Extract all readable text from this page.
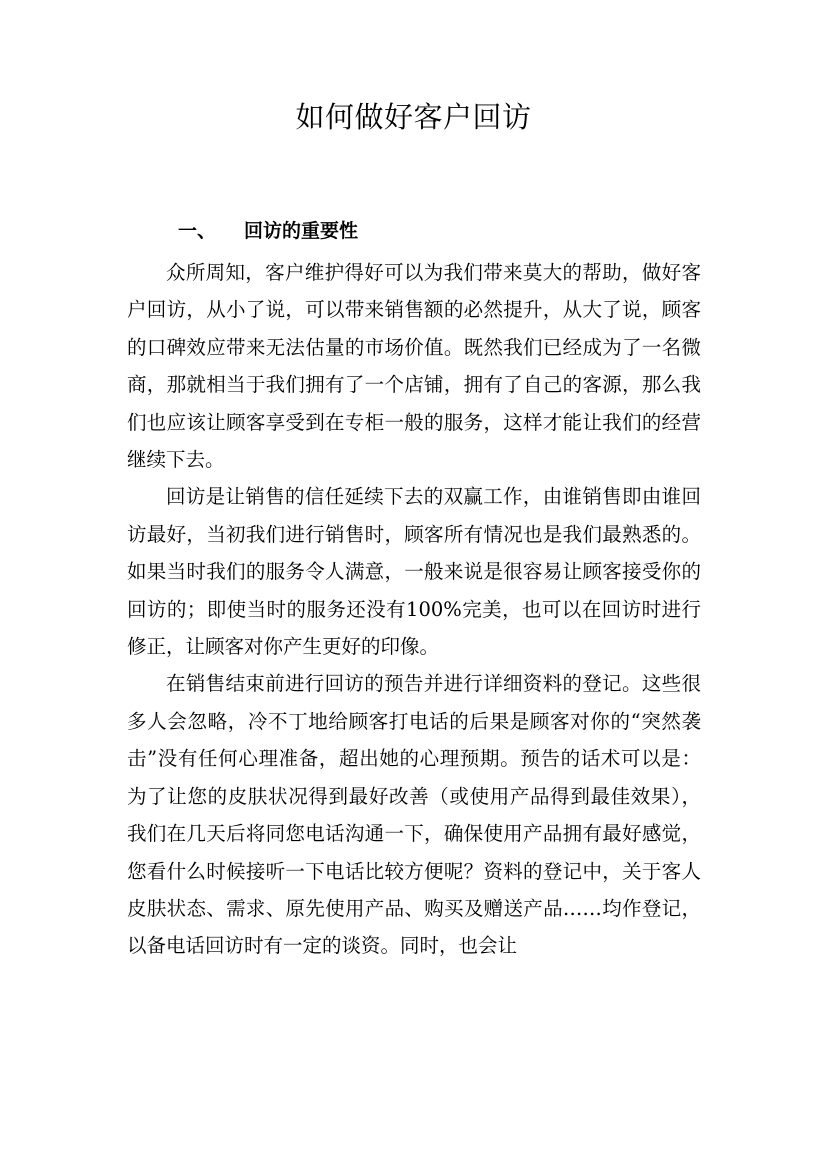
如何做好客户回访
一、 回访的重要性

众所周知，客户维护得好可以为我们带来莫大的帮助，做好客户回访，从小了说，可以带来销售额的必然提升，从大了说，顾客的口碑效应带来无法估量的市场价值。既然我们已经成为了一名微商，那就相当于我们拥有了一个店铺，拥有了自己的客源，那么我们也应该让顾客享受到在专柜一般的服务，这样才能让我们的经营继续下去。

回访是让销售的信任延续下去的双赢工作，由谁销售即由谁回访最好，当初我们进行销售时，顾客所有情况也是我们最熟悉的。如果当时我们的服务令人满意，一般来说是很容易让顾客接受你的回访的；即使当时的服务还没有100%完美，也可以在回访时进行修正，让顾客对你产生更好的印像。

在销售结束前进行回访的预告并进行详细资料的登记。这些很多人会忽略，冷不丁地给顾客打电话的后果是顾客对你的“突然袭击”没有任何心理准备，超出她的心理预期。预告的话术可以是：为了让您的皮肤状况得到最好改善（或使用产品得到最佳效果），我们在几天后将同您电话沟通一下，确保使用产品拥有最好感觉，您看什么时候接听一下电话比较方便呢？资料的登记中，关于客人皮肤状态、需求、原先使用产品、购买及赠送产品……均作登记，以备电话回访时有一定的谈资。同时，也会让
